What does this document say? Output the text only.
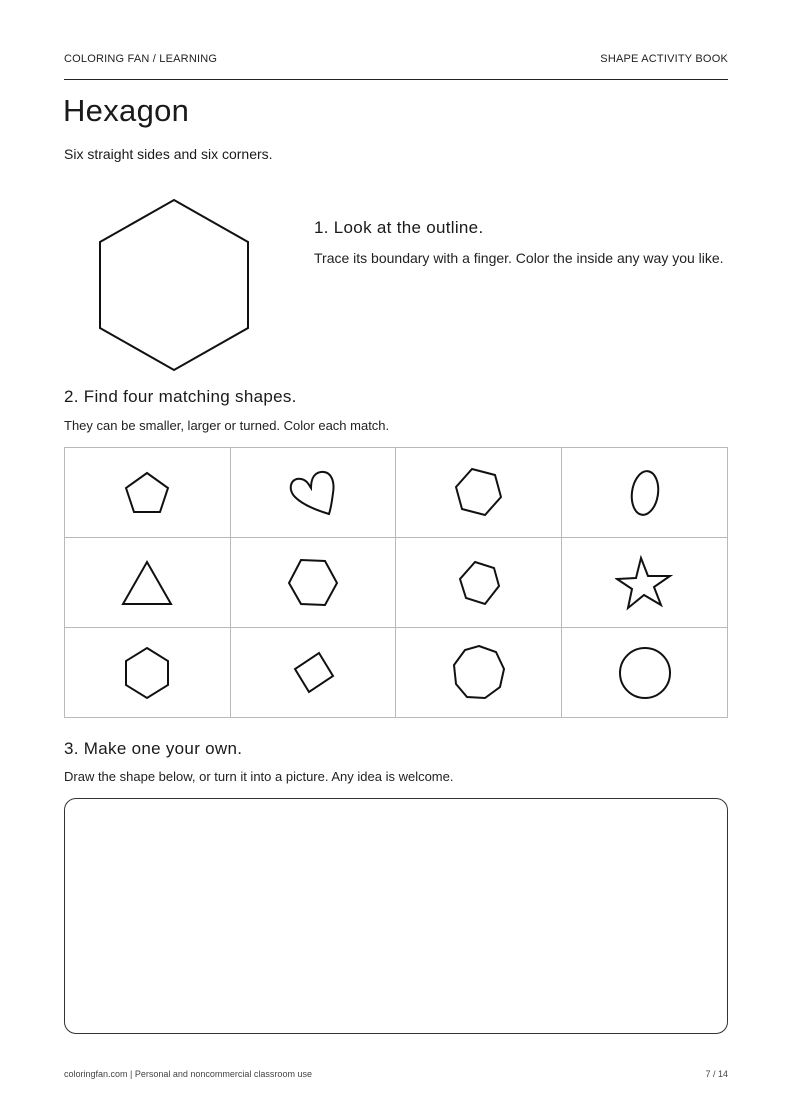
COLORING FAN / LEARNING	SHAPE ACTIVITY BOOK
Hexagon

Six straight sides and six corners.

1. Look at the outline.

Trace its boundary with a finger. Color the inside any way you like.

2. Find four matching shapes.

They can be smaller, larger or turned. Color each match.

3. Make one your own.

Draw the shape below, or turn it into a picture. Any idea is welcome.

coloringfan.com | Personal and noncommercial classroom use	7 / 14
